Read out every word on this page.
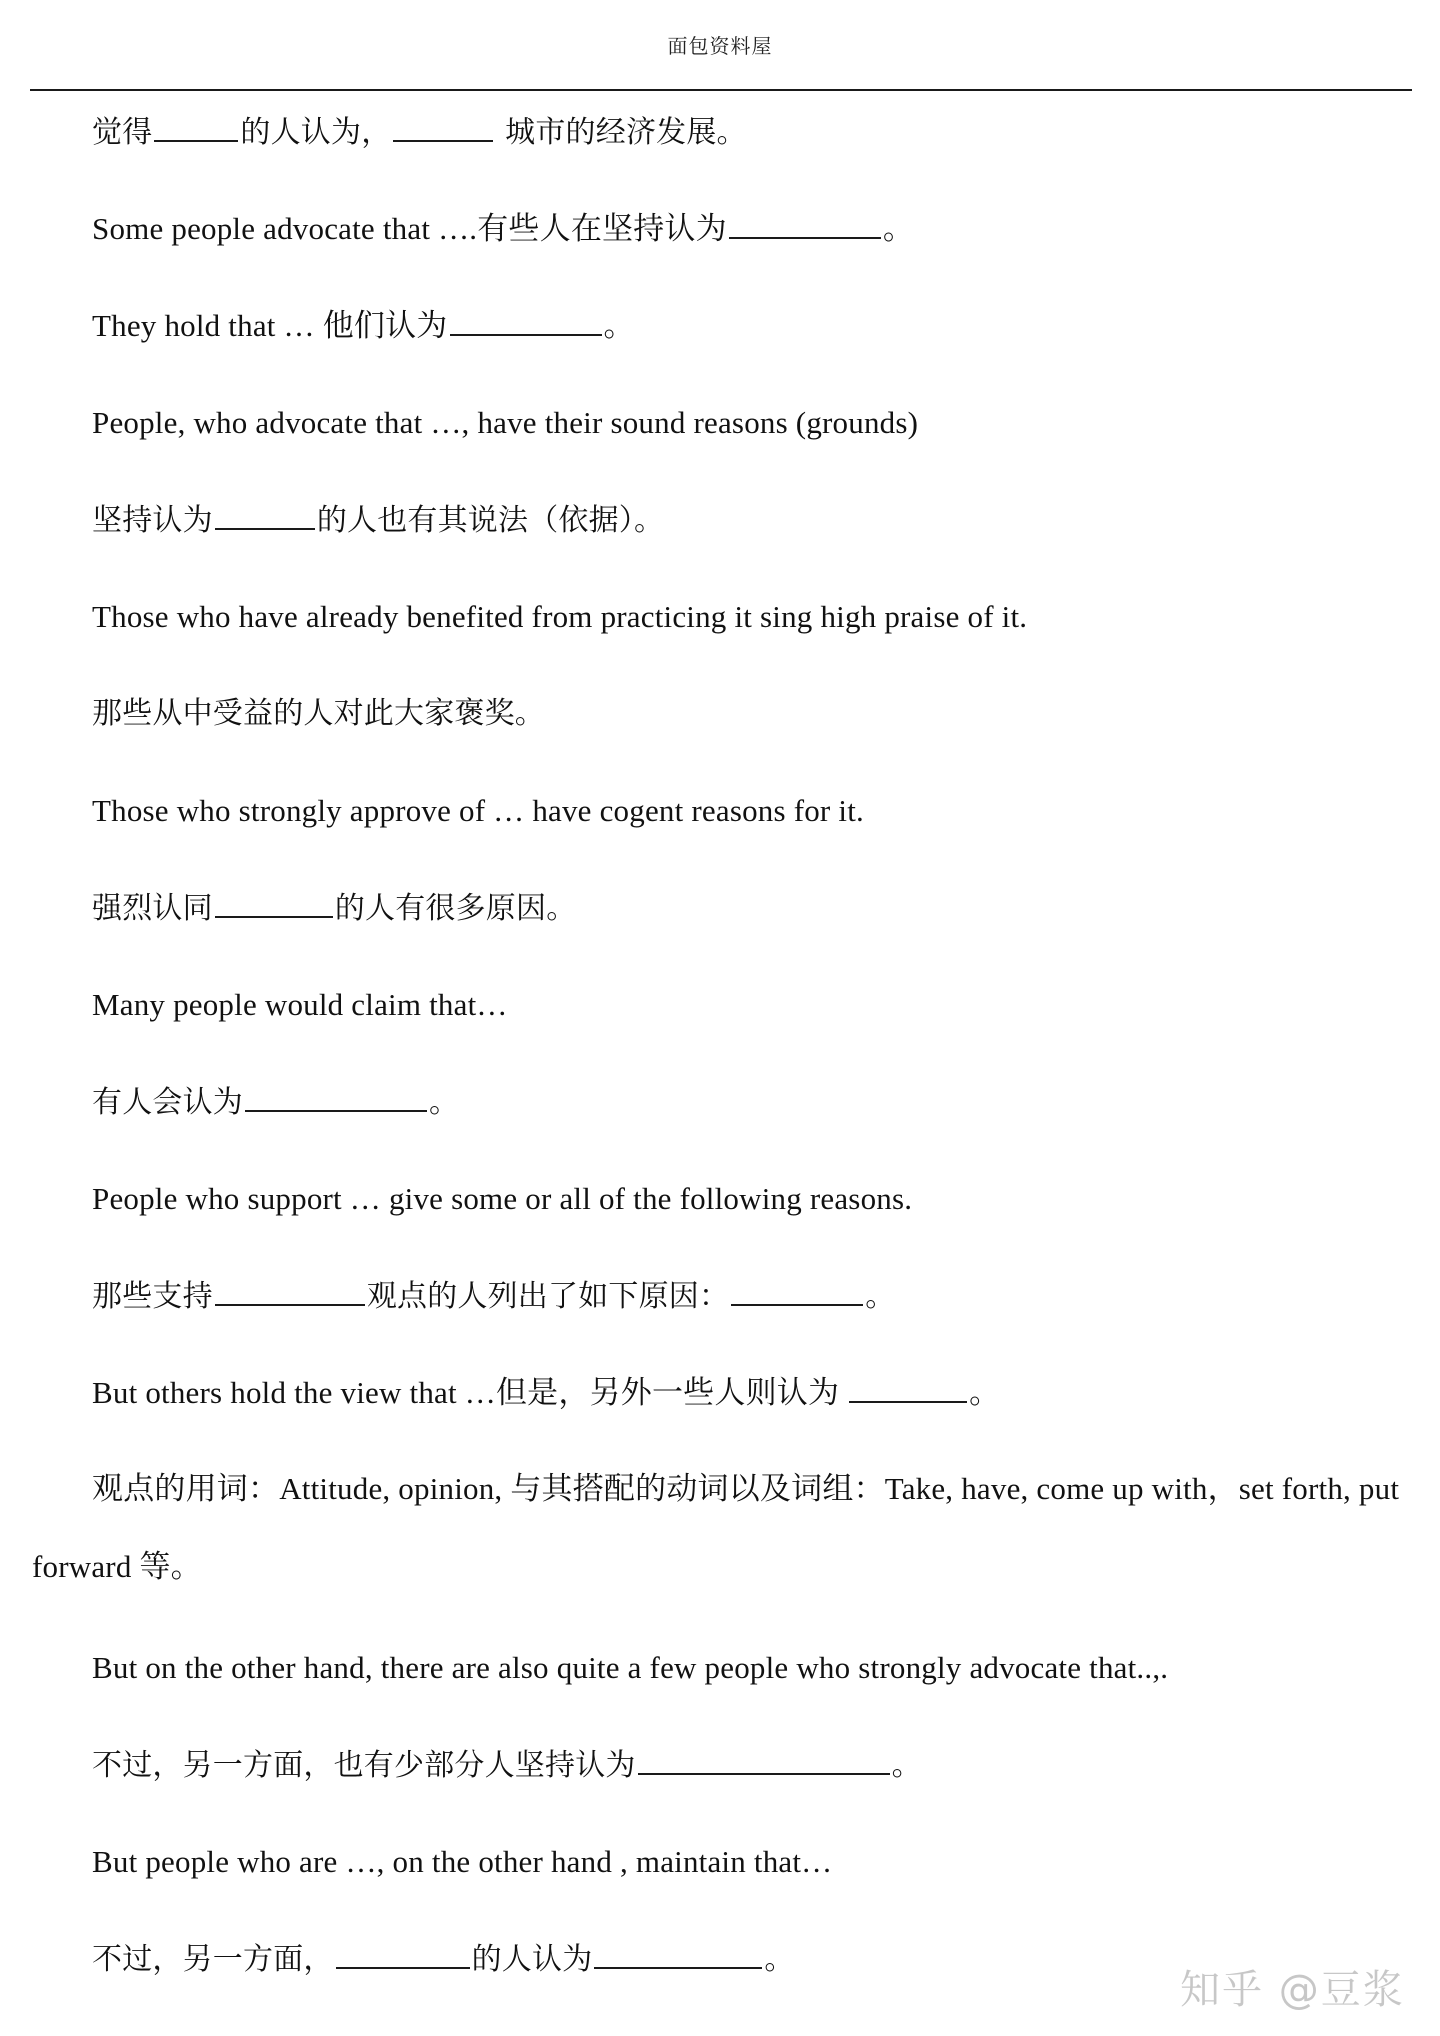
面包资料屋
觉得	的人认为，	城市的经济发展。
Some people advocate that ….有些人在坚持认为	。
They hold that … 他们认为	。
People, who advocate that …, have their sound reasons (grounds)
坚持认为	的人也有其说法（依据）。
Those who have already benefited from practicing it sing high praise of it.
那些从中受益的人对此大家褒奖。
Those who strongly approve of … have cogent reasons for it.
强烈认同	的人有很多原因。
Many people would claim that…
有人会认为	。
People who support … give some or all of the following reasons.
那些支持	观点的人列出了如下原因：	。
But others hold the view that …但是，另外一些人则认为	。
观点的用词：Attitude, opinion, 与其搭配的动词以及词组：Take, have, come up with，set forth, put forward 等。
But on the other hand, there are also quite a few people who strongly advocate that..,.
不过，另一方面，也有少部分人坚持认为	。
But people who are …, on the other hand , maintain that…
不过，另一方面，	的人认为	。
知乎 @豆浆
